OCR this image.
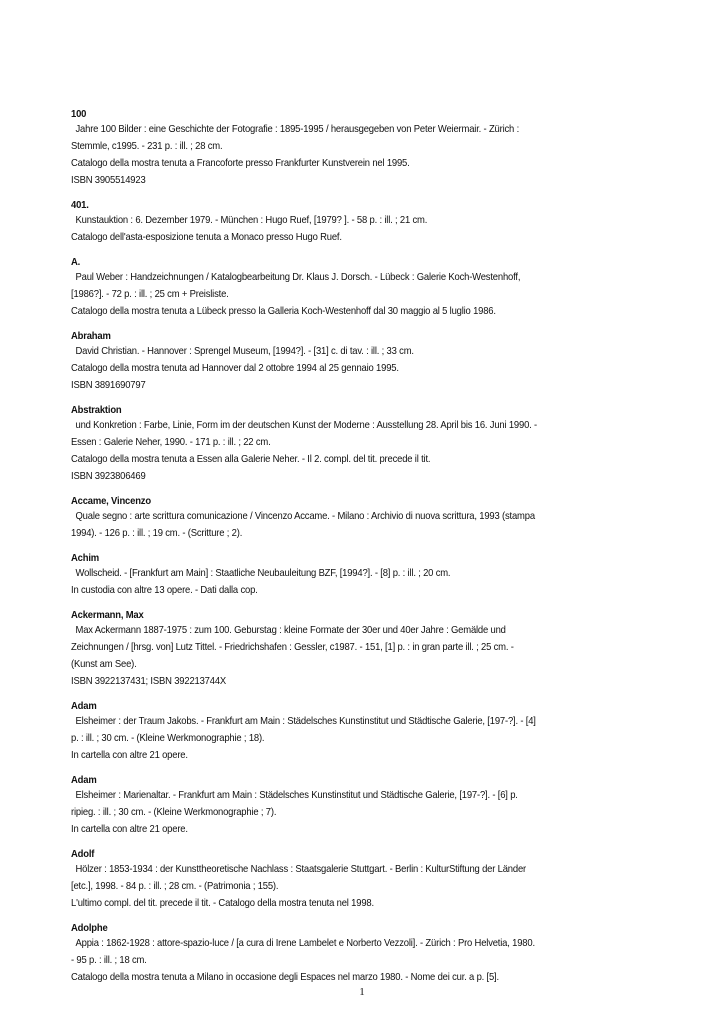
100
Jahre 100 Bilder : eine Geschichte der Fotografie : 1895-1995 / herausgegeben von Peter Weiermair. - Zürich :
Stemmle, c1995. - 231 p. : ill. ; 28 cm.
Catalogo della mostra tenuta a Francoforte presso Frankfurter Kunstverein nel 1995.
ISBN 3905514923
401.
Kunstauktion : 6. Dezember 1979. - München : Hugo Ruef, [1979? ]. - 58 p. : ill. ; 21 cm.
Catalogo dell'asta-esposizione tenuta a Monaco presso Hugo Ruef.
A.
Paul Weber : Handzeichnungen / Katalogbearbeitung Dr. Klaus J. Dorsch. - Lübeck : Galerie Koch-Westenhoff,
[1986?]. - 72 p. : ill. ; 25 cm + Preisliste.
Catalogo della mostra tenuta a Lübeck presso la Galleria Koch-Westenhoff dal 30 maggio al 5 luglio 1986.
Abraham
David Christian. - Hannover : Sprengel Museum, [1994?]. - [31] c. di tav. : ill. ; 33 cm.
Catalogo della mostra tenuta ad Hannover dal 2 ottobre 1994 al 25 gennaio 1995.
ISBN 3891690797
Abstraktion
und Konkretion : Farbe, Linie, Form im der deutschen Kunst der Moderne : Ausstellung 28. April bis 16. Juni 1990. -
Essen : Galerie Neher, 1990. - 171 p. : ill. ; 22 cm.
Catalogo della mostra tenuta a Essen alla Galerie Neher. - Il 2. compl. del tit. precede il tit.
ISBN 3923806469
Accame, Vincenzo
Quale segno : arte scrittura comunicazione / Vincenzo Accame. - Milano : Archivio di nuova scrittura, 1993 (stampa
1994). - 126 p. : ill. ; 19 cm. - (Scritture ; 2).
Achim
Wollscheid. - [Frankfurt am Main] : Staatliche Neubauleitung BZF, [1994?]. - [8] p. : ill. ; 20 cm.
In custodia con altre 13 opere. - Dati dalla cop.
Ackermann, Max
Max Ackermann 1887-1975 : zum 100. Geburstag : kleine Formate der 30er und 40er Jahre : Gemälde und
Zeichnungen / [hrsg. von] Lutz Tittel. - Friedrichshafen : Gessler, c1987. - 151, [1] p. : in gran parte ill. ; 25 cm. -
(Kunst am See).
ISBN 3922137431; ISBN 392213744X
Adam
Elsheimer : der Traum Jakobs. - Frankfurt am Main : Städelsches Kunstinstitut und Städtische Galerie, [197-?]. - [4]
p. : ill. ; 30 cm. - (Kleine Werkmonographie ; 18).
In cartella con altre 21 opere.
Adam
Elsheimer : Marienaltar. - Frankfurt am Main : Städelsches Kunstinstitut und Städtische Galerie, [197-?]. - [6] p.
ripieg. : ill. ; 30 cm. - (Kleine Werkmonographie ; 7).
In cartella con altre 21 opere.
Adolf
Hölzer : 1853-1934 : der Kunsttheoretische Nachlass : Staatsgalerie Stuttgart. - Berlin : KulturStiftung der Länder
[etc.], 1998. - 84 p. : ill. ; 28 cm. - (Patrimonia ; 155).
L'ultimo compl. del tit. precede il tit. - Catalogo della mostra tenuta nel 1998.
Adolphe
Appia : 1862-1928 : attore-spazio-luce / [a cura di Irene Lambelet e Norberto Vezzoli]. - Zürich : Pro Helvetia, 1980.
- 95 p. : ill. ; 18 cm.
Catalogo della mostra tenuta a Milano in occasione degli Espaces nel marzo 1980. - Nome dei cur. a p. [5].
1
